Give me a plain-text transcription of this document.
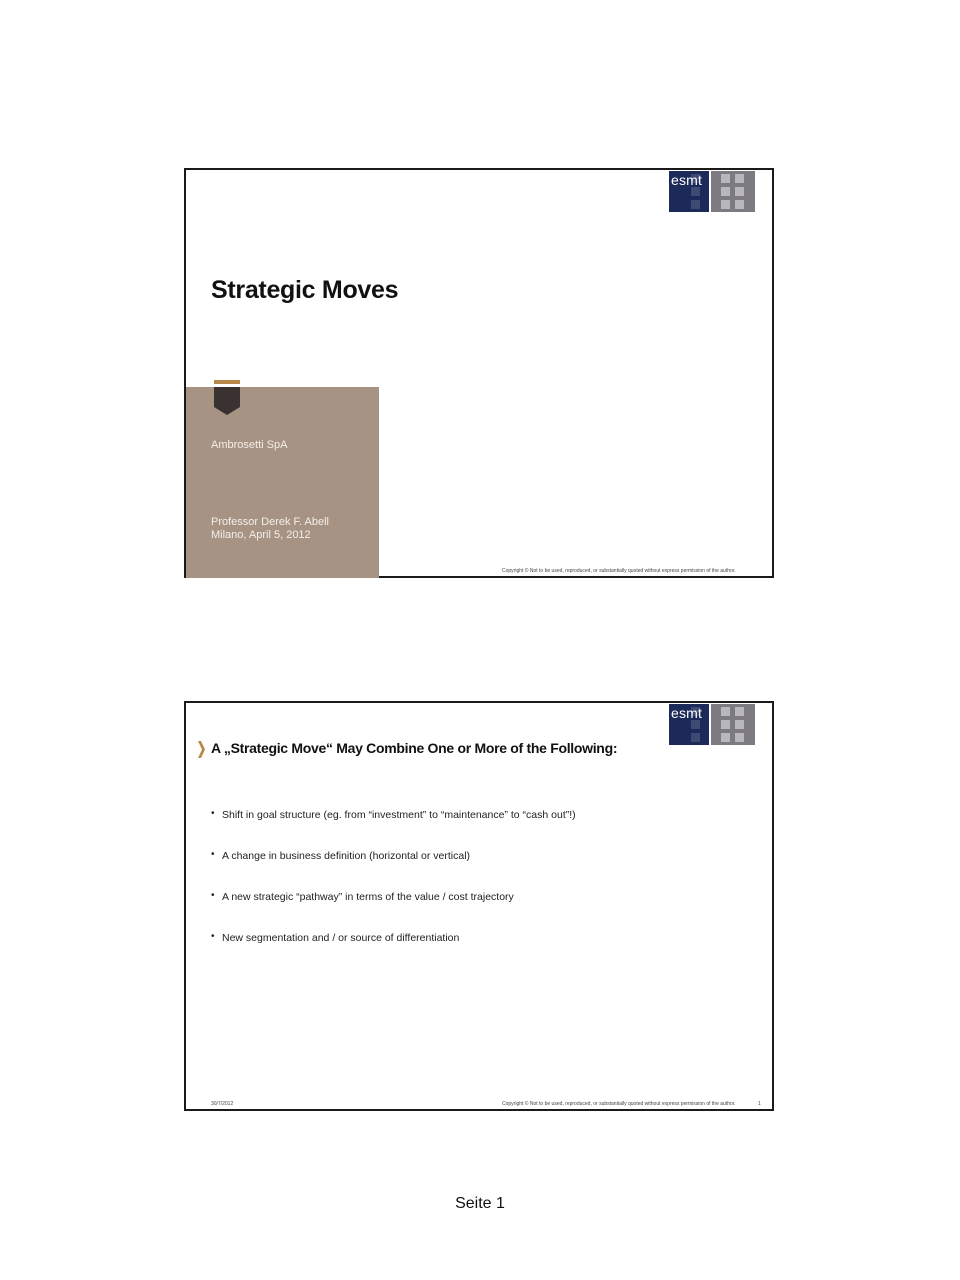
esmt
Strategic Moves
Ambrosetti SpA
Professor Derek F. Abell
Milano, April 5, 2012
Copyright © Not to be used, reproduced, or substantially quoted without express permission of the author.
esmt
A „Strategic Move“ May Combine One or More of the Following:
• Shift in goal structure (eg. from “investment” to “maintenance” to “cash out”!)
• A change in business definition (horizontal or vertical)
• A new strategic “pathway” in terms of the value / cost trajectory
• New segmentation and / or source of differentiation
30/7/2012	Copyright © Not to be used, reproduced, or substantially quoted without express permission of the author.	1
Seite 1
